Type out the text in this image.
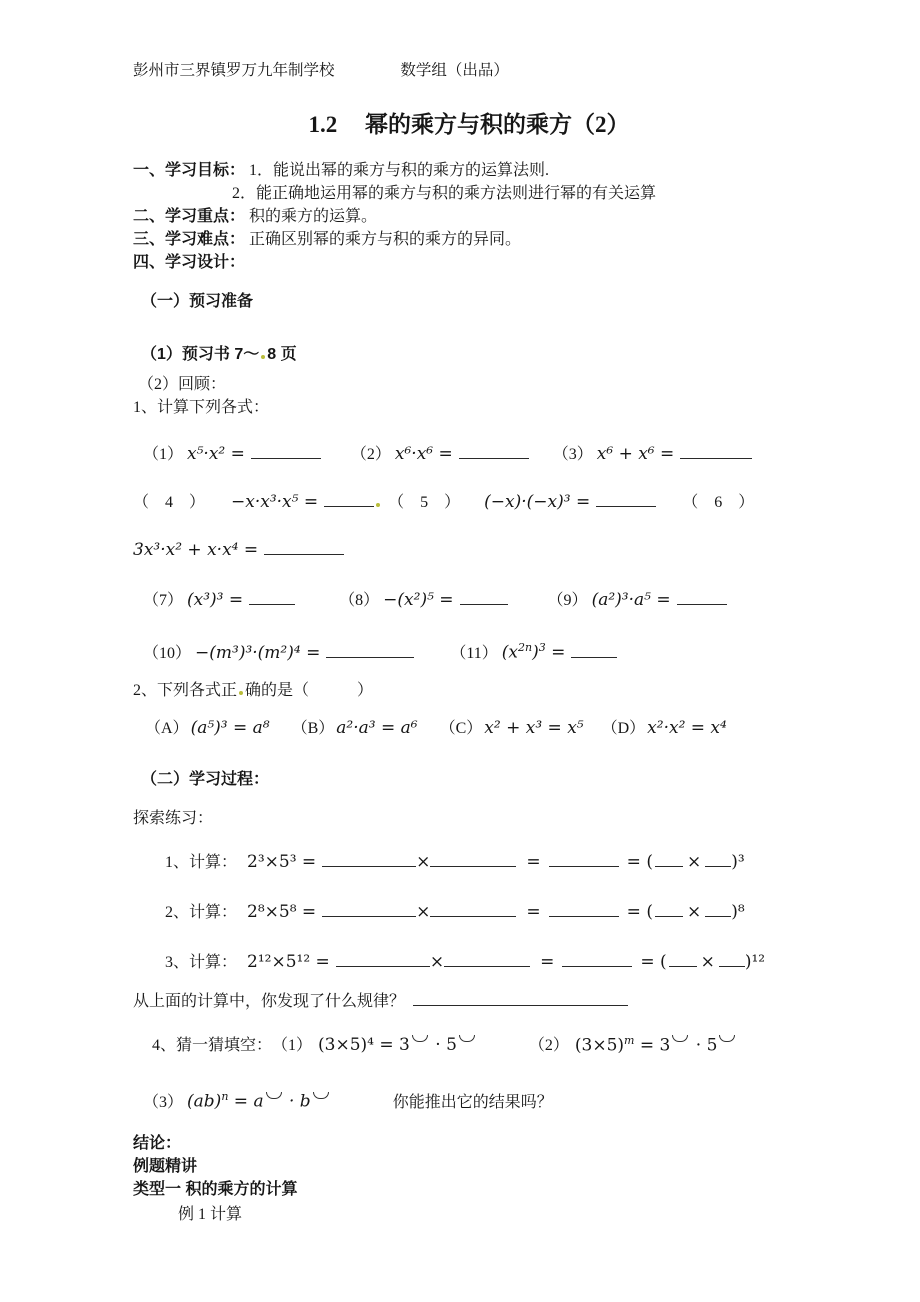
彭州市三界镇罗万九年制学校	数学组（出品）
1.2 幂的乘方与积的乘方（2）
一、学习目标： 1．能说出幂的乘方与积的乘方的运算法则.
2．能正确地运用幂的乘方与积的乘方法则进行幂的有关运算
二、学习重点： 积的乘方的运算。
三、学习难点： 正确区别幂的乘方与积的乘方的异同。
四、学习设计：
（一）预习准备
（1）预习书 7～ 8 页
（2）回顾：
1、计算下列各式：
（1） x⁵·x² =	（2） x⁶·x⁶ =	（3） x⁶ + x⁶ =
（　4　） −x·x³·x⁵ =	（　5　） (−x)·(−x)³ =	（　6　）
3x³·x² + x·x⁴ =
（7） (x³)³ =	（8） −(x²)⁵ =	（9） (a²)³·a⁵ =
（10） −(m³)³·(m²)⁴ =	（11） $(x^{2n})^3$ =
2、下列各式正 确的是（　　　）
（A） (a⁵)³ = a⁸ （B） a²·a³ = a⁶ （C） x² + x³ = x⁵ （D） x²·x² = x⁴
（二）学习过程：
探索练习：
1、计算： 2³×5³ =	×	=	= ( × )³
2、计算： 2⁸×5⁸ =	×	=	= ( × )⁸
3、计算： 2¹²×5¹² =	×	=	= ( × )¹²
从上面的计算中，你发现了什么规律？
4、猜一猜填空： （1） (3×5)⁴ = 3 · 5	（2） $(3\times 5)^m = 3 \cdot 5$
（3） (ab)$^n$ = a · b	你能推出它的结果吗？
结论：
例题精讲
类型一 积的乘方的计算
例 1 计算
